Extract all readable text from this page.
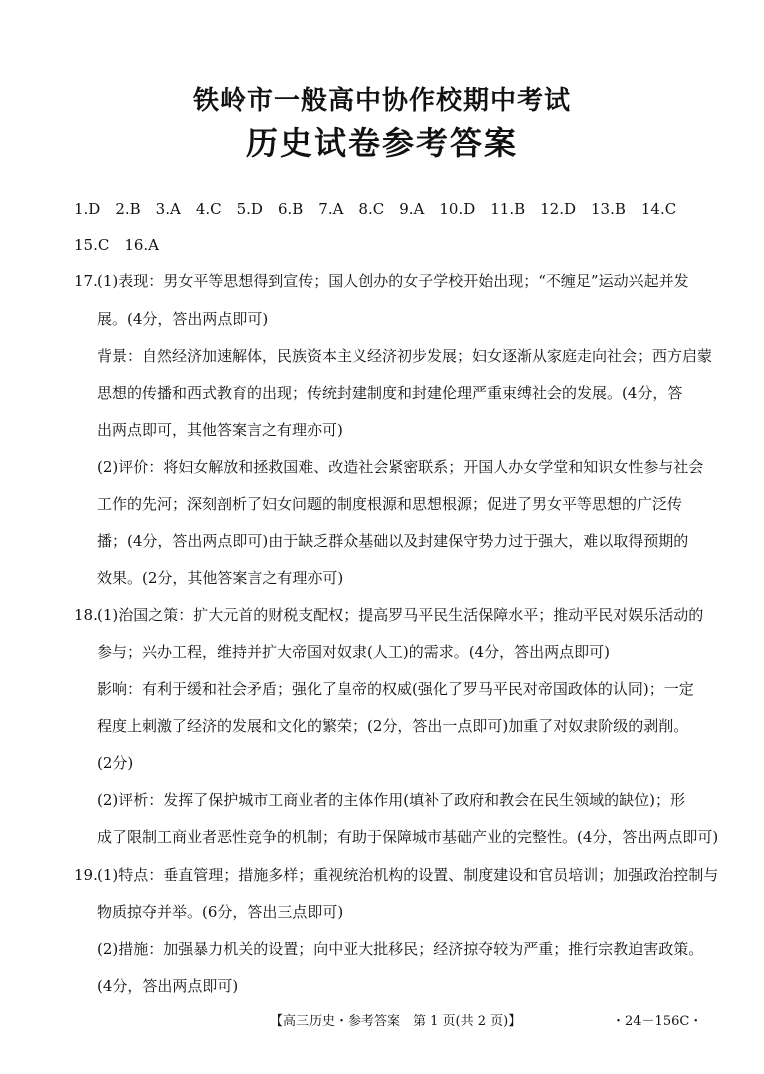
铁岭市一般高中协作校期中考试
历史试卷参考答案
1.D　2.B　3.A　4.C　5.D　6.B　7.A　8.C　9.A　10.D　11.B　12.D　13.B　14.C
15.C　16.A
17. (1)表现：男女平等思想得到宣传；国人创办的女子学校开始出现；“不缠足”运动兴起并发
展。(4分，答出两点即可)
背景：自然经济加速解体，民族资本主义经济初步发展；妇女逐渐从家庭走向社会；西方启蒙
思想的传播和西式教育的出现；传统封建制度和封建伦理严重束缚社会的发展。(4分，答
出两点即可，其他答案言之有理亦可)
(2)评价：将妇女解放和拯救国难、改造社会紧密联系；开国人办女学堂和知识女性参与社会
工作的先河；深刻剖析了妇女问题的制度根源和思想根源；促进了男女平等思想的广泛传
播；(4分，答出两点即可)由于缺乏群众基础以及封建保守势力过于强大，难以取得预期的
效果。(2分，其他答案言之有理亦可)
18. (1)治国之策：扩大元首的财税支配权；提高罗马平民生活保障水平；推动平民对娱乐活动的
参与；兴办工程，维持并扩大帝国对奴隶(人工)的需求。(4分，答出两点即可)
影响：有利于缓和社会矛盾；强化了皇帝的权威(强化了罗马平民对帝国政体的认同)；一定
程度上刺激了经济的发展和文化的繁荣；(2分，答出一点即可)加重了对奴隶阶级的剥削。
(2分)
(2)评析：发挥了保护城市工商业者的主体作用(填补了政府和教会在民生领域的缺位)；形
成了限制工商业者恶性竞争的机制；有助于保障城市基础产业的完整性。(4分，答出两点即可)
19. (1)特点：垂直管理；措施多样；重视统治机构的设置、制度建设和官员培训；加强政治控制与
物质掠夺并举。(6分，答出三点即可)
(2)措施：加强暴力机关的设置；向中亚大批移民；经济掠夺较为严重；推行宗教迫害政策。
(4分，答出两点即可)
【高三历史・参考答案　第 1 页(共 2 页)】	・24－156C・
